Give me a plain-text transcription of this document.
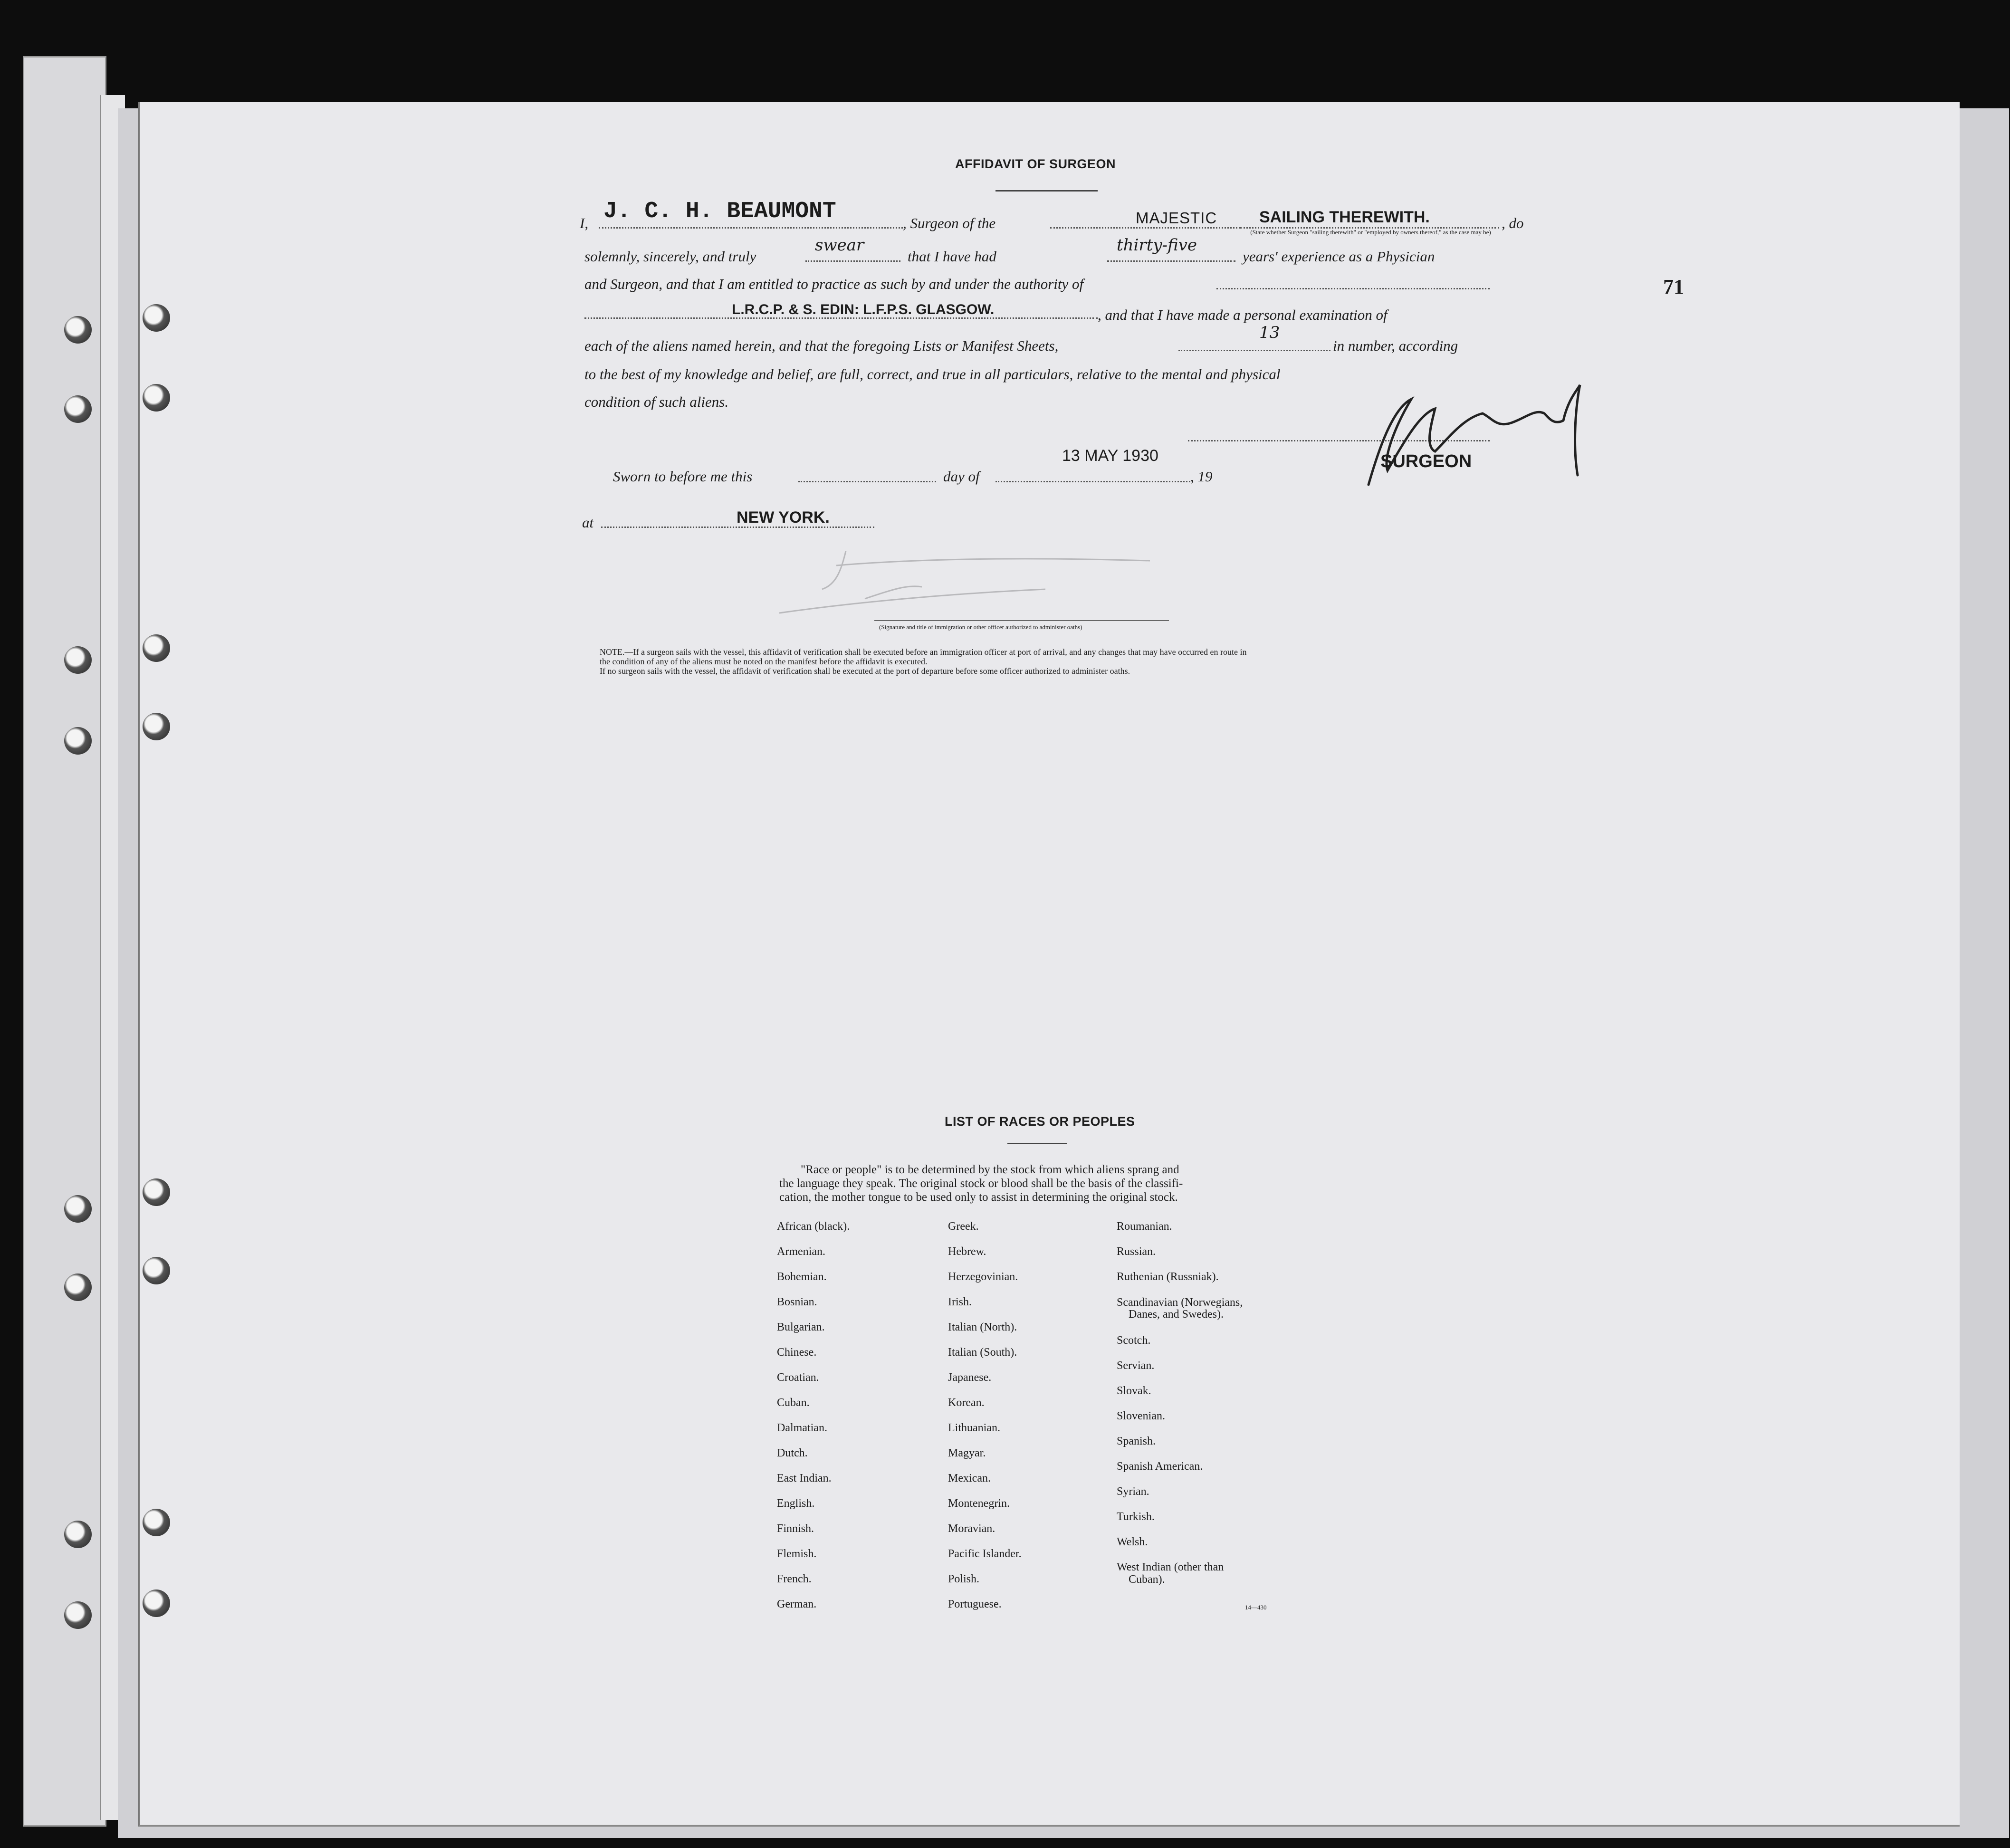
71
AFFIDAVIT OF SURGEON
I, J. C. H. BEAUMONT	, Surgeon of the	MAJESTIC	SAILING THEREWITH.	, do
(State whether Surgeon "sailing therewith" or "employed by owners thereof," as the case may be)
solemnly, sincerely, and truly
swear
that I have had
thirty-five
years' experience as a Physician
and Surgeon, and that I am entitled to practice as such by and under the authority of
L.R.C.P. & S. EDIN: L.F.P.S. GLASGOW.	, and that I have made a personal examination of
each of the aliens named herein, and that the foregoing Lists or Manifest Sheets,
13
in number, according
to the best of my knowledge and belief, are full, correct, and true in all particulars, relative to the mental and physical
condition of such aliens.
SURGEON
13 MAY 1930
Sworn to before me this	day of	, 19
at	NEW YORK.
(Signature and title of immigration or other officer authorized to administer oaths)
NOTE.—If a surgeon sails with the vessel, this affidavit of verification shall be executed before an immigration officer at port of arrival, and any changes that may have occurred en route in
the condition of any of the aliens must be noted on the manifest before the affidavit is executed.
If no surgeon sails with the vessel, the affidavit of verification shall be executed at the port of departure before some officer authorized to administer oaths.
LIST OF RACES OR PEOPLES
"Race or people" is to be determined by the stock from which aliens sprang and
the language they speak. The original stock or blood shall be the basis of the classifi-
cation, the mother tongue to be used only to assist in determining the original stock.
African (black).
Armenian.
Bohemian.
Bosnian.
Bulgarian.
Chinese.
Croatian.
Cuban.
Dalmatian.
Dutch.
East Indian.
English.
Finnish.
Flemish.
French.
German.
Greek.
Hebrew.
Herzegovinian.
Irish.
Italian (North).
Italian (South).
Japanese.
Korean.
Lithuanian.
Magyar.
Mexican.
Montenegrin.
Moravian.
Pacific Islander.
Polish.
Portuguese.
Roumanian.
Russian.
Ruthenian (Russniak).
Scandinavian (Norwegians,
Danes, and Swedes).
Scotch.
Servian.
Slovak.
Slovenian.
Spanish.
Spanish American.
Syrian.
Turkish.
Welsh.
West Indian (other than
Cuban).
14—430
